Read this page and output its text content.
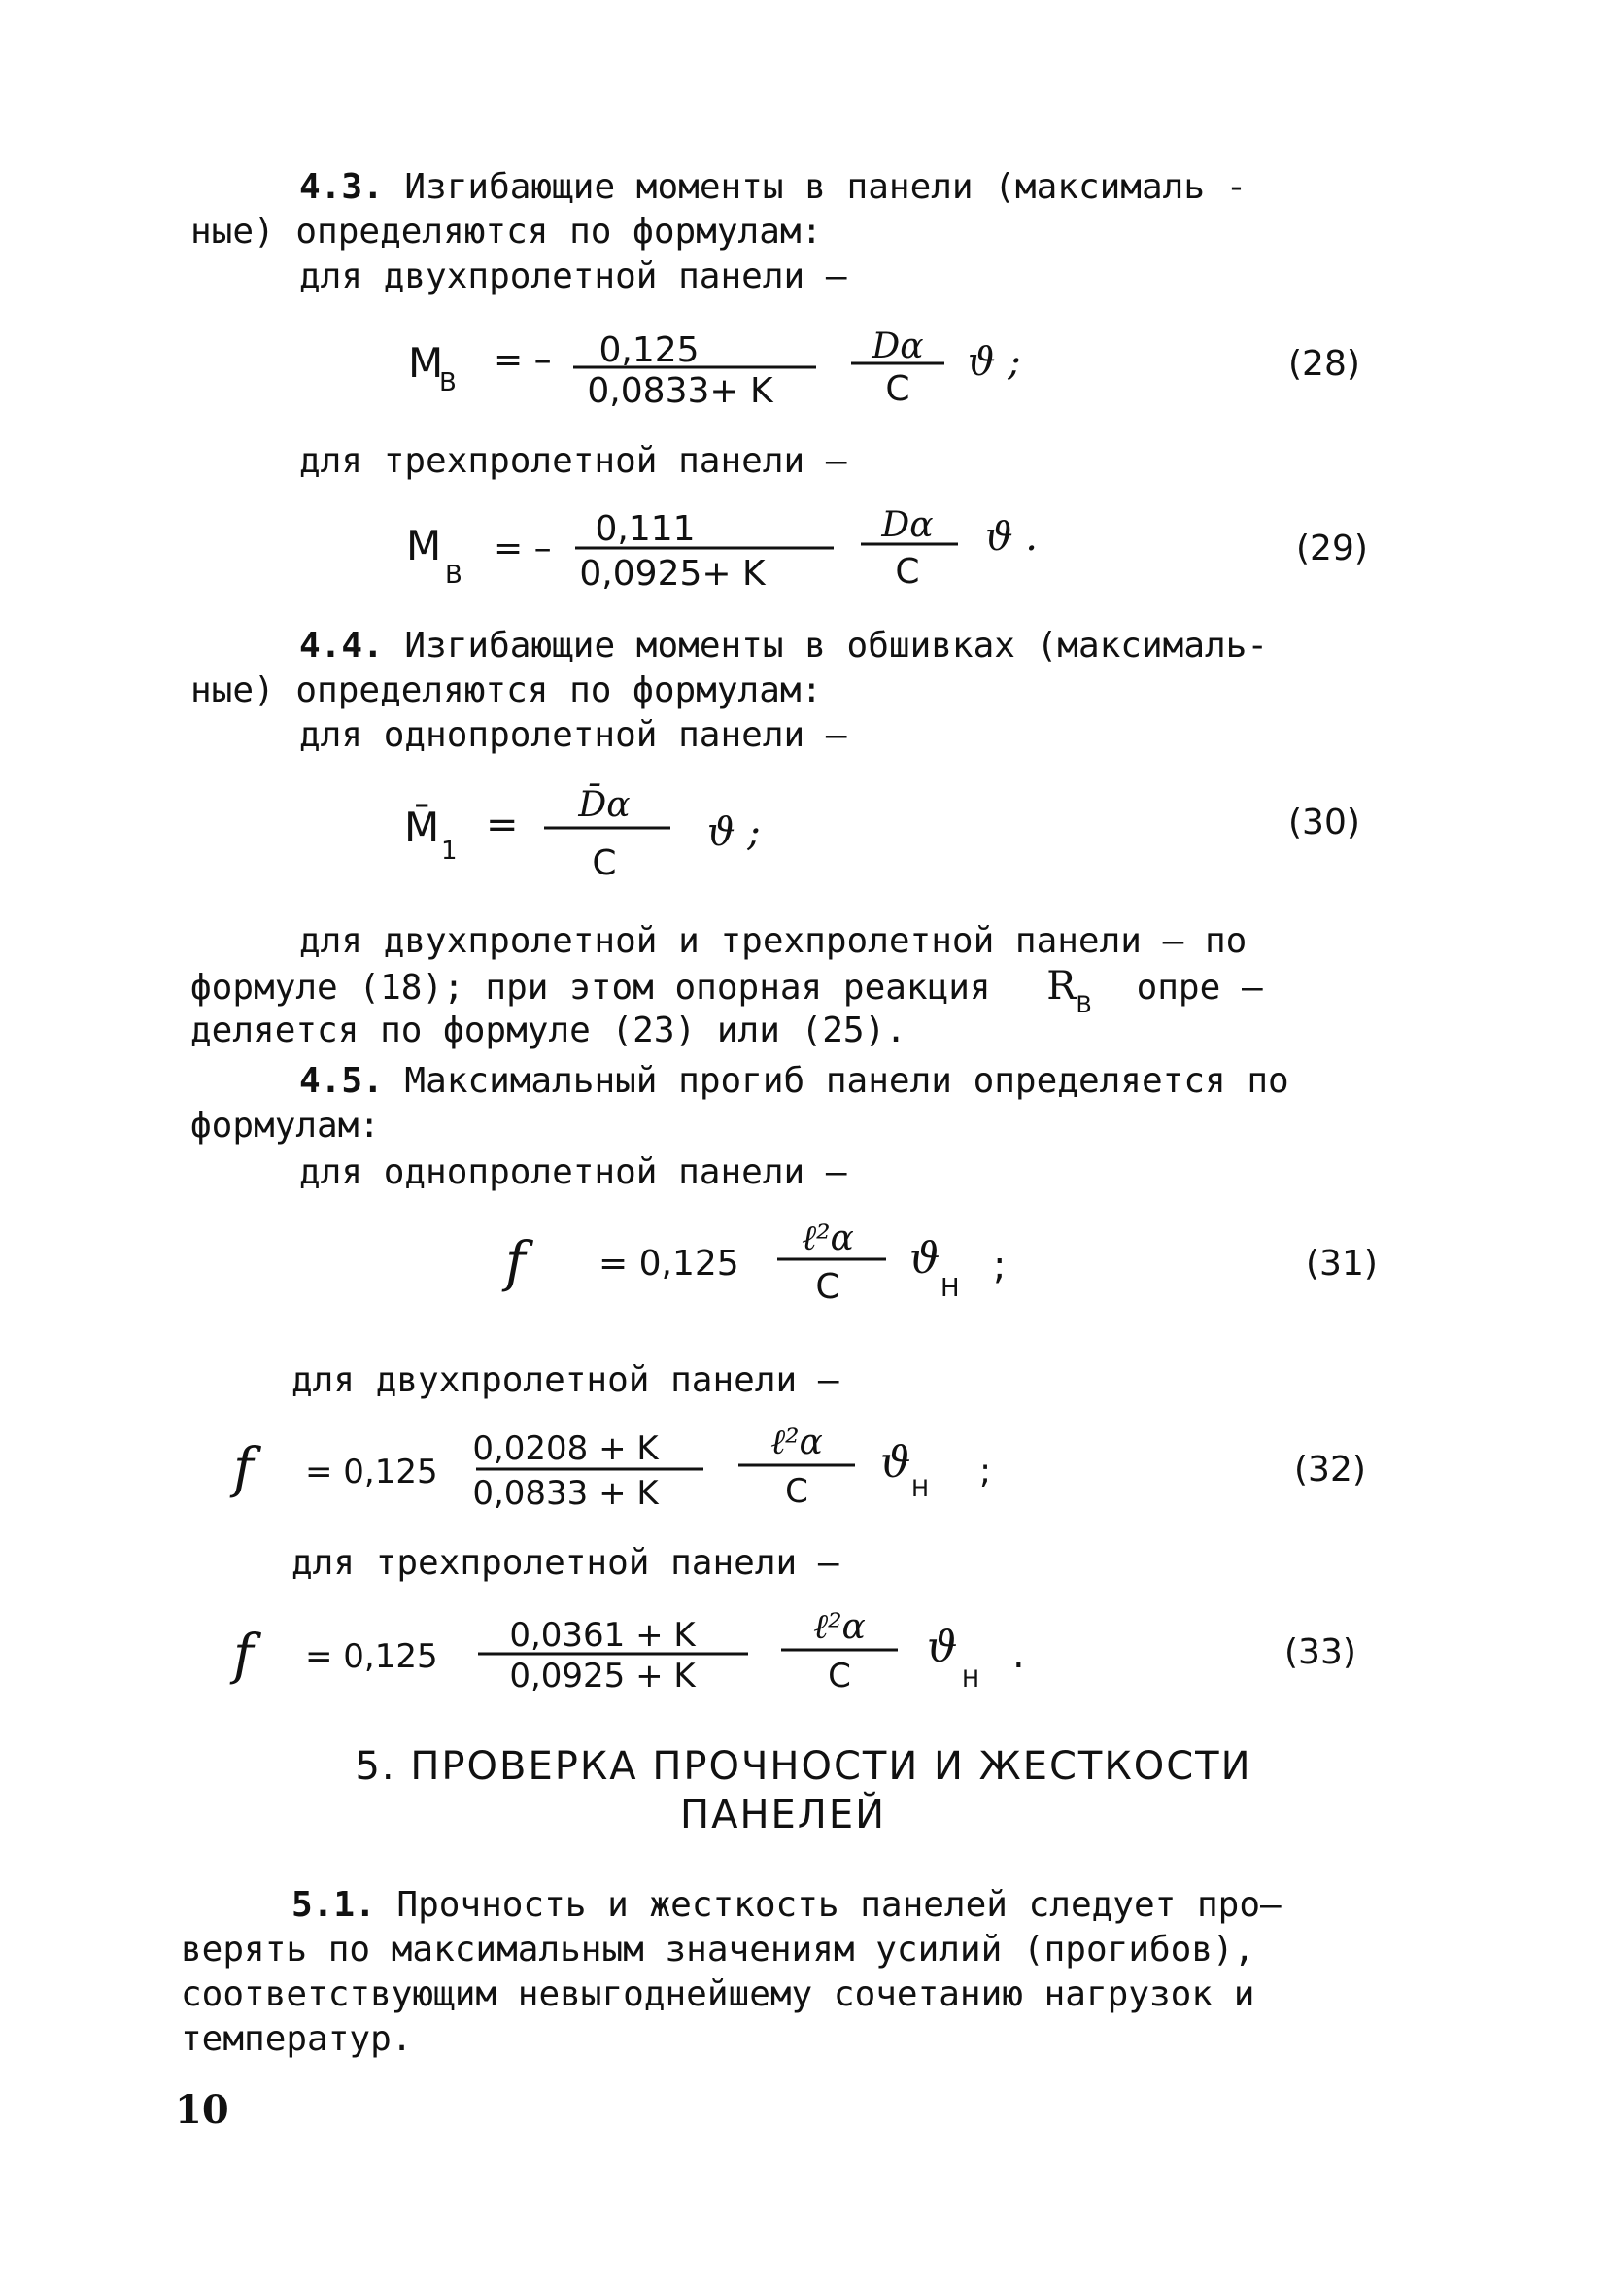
4.3. Изгибающие моменты в панели (максималь -
ные) определяются по формулам:
для двухпролетной панели –
M
B
= – 0,125
0,0833+ K
Dα
C
ϑ ;	(28)
для трехпролетной панели –
M
B
= – 0,111
0,0925+ K
Dα
C
ϑ .	(29)
4.4. Изгибающие моменты в обшивках (максималь-
ные) определяются по формулам:
для однопролетной панели –
M̄ 1
= D̄α
C
ϑ ;	(30)
для двухпролетной и трехпролетной панели – по
формуле (18); при этом опорная реакция $R_B$ опре –
деляется по формуле (23) или (25).
4.5. Максимальный прогиб панели определяется по
формулам:
для однопролетной панели –
f = 0,125
ℓ²α
C
ϑ
H ;	(31)
для двухпролетной панели –
f = 0,125
0,0208 + K
0,0833 + K
ℓ²α
C
ϑ
H ;	(32)
для трехпролетной панели –
f = 0,125
0,0361 + K
0,0925 + K
ℓ²α
C
ϑ
H
.	(33)
5. ПРОВЕРКА ПРОЧНОСТИ И ЖЕСТКОСТИ
ПАНЕЛЕЙ
5.1. Прочность и жесткость панелей следует про–
верять по максимальным значениям усилий (прогибов),
соответствующим невыгоднейшему сочетанию нагрузок и
температур.
10
